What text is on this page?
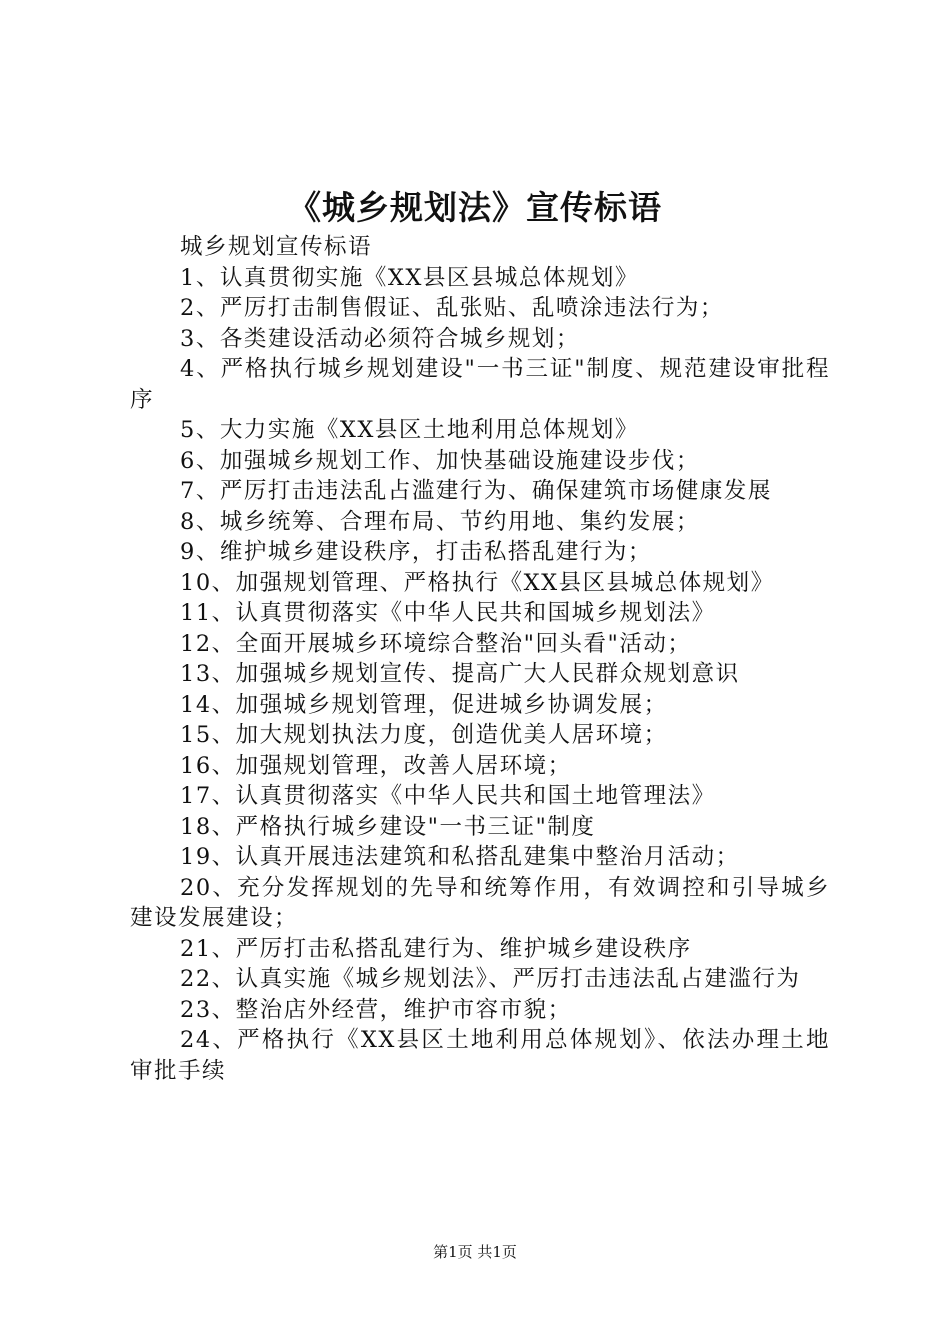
《城乡规划法》宣传标语

城乡规划宣传标语

1、认真贯彻实施《XX县区县城总体规划》

2、严厉打击制售假证、乱张贴、乱喷涂违法行为；

3、各类建设活动必须符合城乡规划；

4、严格执行城乡规划建设"一书三证"制度、规范建设审批程序

5、大力实施《XX县区土地利用总体规划》

6、加强城乡规划工作、加快基础设施建设步伐；

7、严厉打击违法乱占滥建行为、确保建筑市场健康发展

8、城乡统筹、合理布局、节约用地、集约发展；

9、维护城乡建设秩序，打击私搭乱建行为；

10、加强规划管理、严格执行《XX县区县城总体规划》

11、认真贯彻落实《中华人民共和国城乡规划法》

12、全面开展城乡环境综合整治"回头看"活动；

13、加强城乡规划宣传、提高广大人民群众规划意识

14、加强城乡规划管理，促进城乡协调发展；

15、加大规划执法力度，创造优美人居环境；

16、加强规划管理，改善人居环境；

17、认真贯彻落实《中华人民共和国土地管理法》

18、严格执行城乡建设"一书三证"制度

19、认真开展违法建筑和私搭乱建集中整治月活动；

20、充分发挥规划的先导和统筹作用，有效调控和引导城乡建设发展建设；

21、严厉打击私搭乱建行为、维护城乡建设秩序

22、认真实施《城乡规划法》、严厉打击违法乱占建滥行为

23、整治店外经营，维护市容市貌；

24、严格执行《XX县区土地利用总体规划》、依法办理土地审批手续

第1页 共1页
